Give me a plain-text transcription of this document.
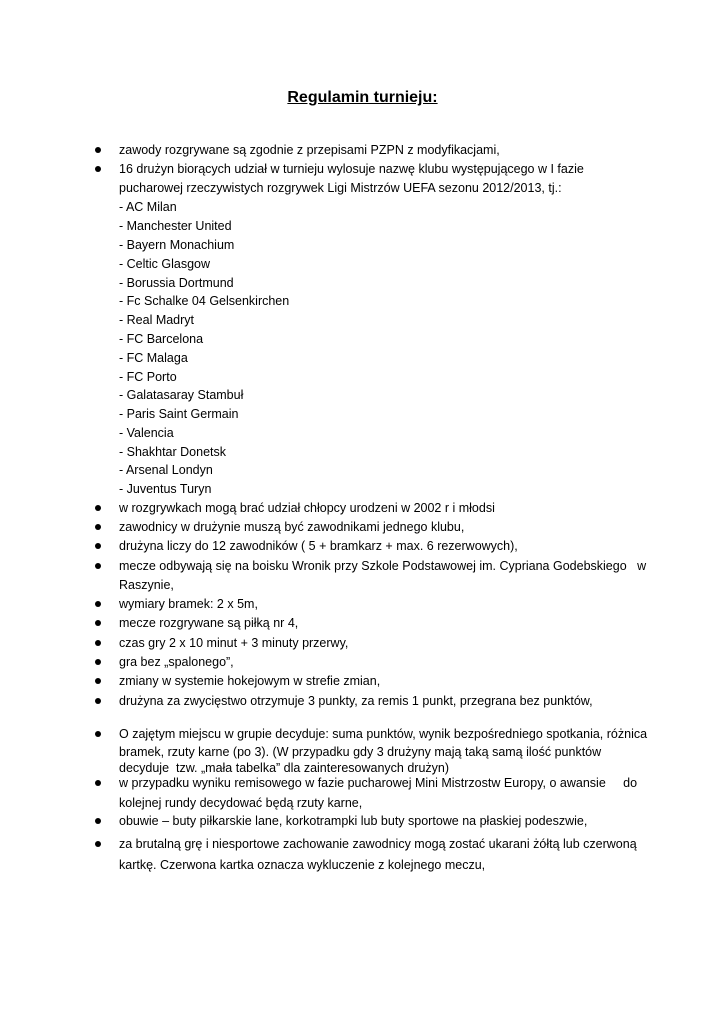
Regulamin turnieju:
zawody rozgrywane są zgodnie z przepisami PZPN z modyfikacjami,
16 drużyn biorących udział w turnieju wylosuje nazwę klubu występującego w I fazie
pucharowej rzeczywistych rozgrywek Ligi Mistrzów UEFA sezonu 2012/2013, tj.:
- AC Milan
- Manchester United
- Bayern Monachium
- Celtic Glasgow
- Borussia Dortmund
- Fc Schalke 04 Gelsenkirchen
- Real Madryt
- FC Barcelona
- FC Malaga
- FC Porto
- Galatasaray Stambuł
- Paris Saint Germain
- Valencia
- Shakhtar Donetsk
- Arsenal Londyn
- Juventus Turyn
w rozgrywkach mogą brać udział chłopcy urodzeni w 2002 r i młodsi
zawodnicy w drużynie muszą być zawodnikami jednego klubu,
drużyna liczy do 12 zawodników ( 5 + bramkarz + max. 6 rezerwowych),
mecze odbywają się na boisku Wronik przy Szkole Podstawowej im. Cypriana Godebskiego   w
Raszynie,
wymiary bramek: 2 x 5m,
mecze rozgrywane są piłką nr 4,
czas gry 2 x 10 minut + 3 minuty przerwy,
gra bez „spalonego”,
zmiany w systemie hokejowym w strefie zmian,
drużyna za zwycięstwo otrzymuje 3 punkty, za remis 1 punkt, przegrana bez punktów,
O zajętym miejscu w grupie decyduje: suma punktów, wynik bezpośredniego spotkania, różnica
bramek, rzuty karne (po 3). (W przypadku gdy 3 drużyny mają taką samą ilość punktów
decyduje  tzw. „mała tabelka” dla zainteresowanych drużyn)
w przypadku wyniku remisowego w fazie pucharowej Mini Mistrzostw Europy, o awansie     do
kolejnej rundy decydować będą rzuty karne,
obuwie – buty piłkarskie lane, korkotrampki lub buty sportowe na płaskiej podeszwie,
za brutalną grę i niesportowe zachowanie zawodnicy mogą zostać ukarani żółtą lub czerwoną
kartkę. Czerwona kartka oznacza wykluczenie z kolejnego meczu,
